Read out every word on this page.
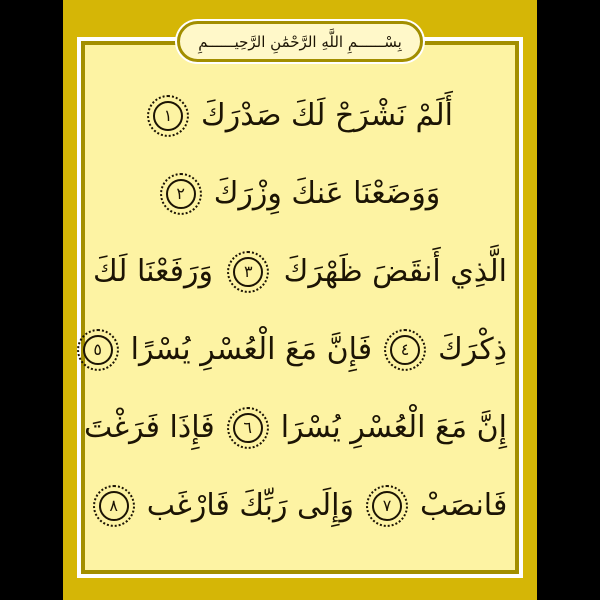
بِسْــــــمِ اللَّهِ الرَّحْمَٰنِ الرَّحِيــــــمِ
أَلَمْ نَشْرَحْ لَكَ صَدْرَكَ
١
وَوَضَعْنَا عَنكَ وِزْرَكَ
٢
الَّذِي أَنقَضَ ظَهْرَكَ
٣
وَرَفَعْنَا لَكَ
ذِكْرَكَ
٤
فَإِنَّ مَعَ الْعُسْرِ يُسْرًا
٥
إِنَّ مَعَ الْعُسْرِ يُسْرَا
٦
فَإِذَا فَرَغْتَ
فَانصَبْ
٧
وَإِلَى رَبِّكَ فَارْغَب
٨
